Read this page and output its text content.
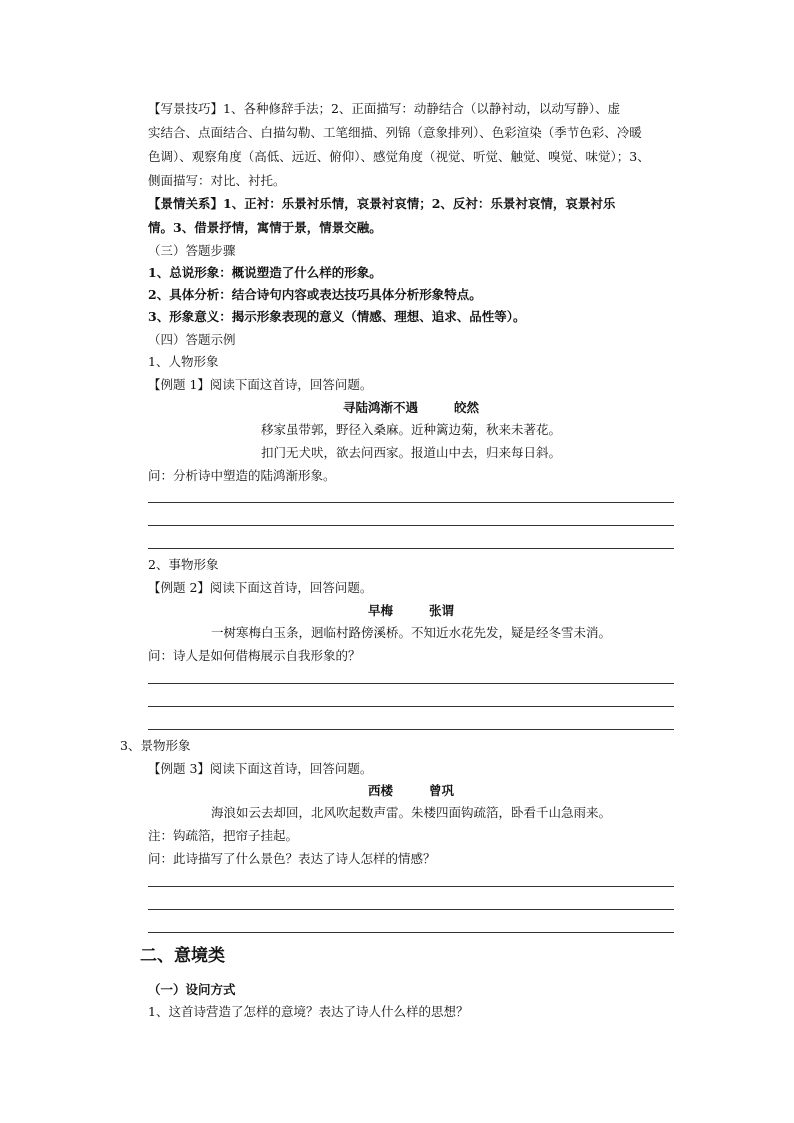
【写景技巧】1、各种修辞手法；2、正面描写：动静结合（以静衬动，以动写静）、虚
实结合、点面结合、白描勾勒、工笔细描、列锦（意象排列）、色彩渲染（季节色彩、冷暖
色调）、观察角度（高低、远近、俯仰）、感觉角度（视觉、听觉、触觉、嗅觉、味觉）；3、
侧面描写：对比、衬托。
【景情关系】1、正衬：乐景衬乐情，哀景衬哀情；2、反衬：乐景衬哀情，哀景衬乐
情。3、借景抒情，寓情于景，情景交融。
（三）答题步骤
1、总说形象：概说塑造了什么样的形象。
2、具体分析：结合诗句内容或表达技巧具体分析形象特点。
3、形象意义：揭示形象表现的意义（情感、理想、追求、品性等）。
（四）答题示例
1、人物形象
【例题 1】阅读下面这首诗，回答问题。
寻陆鸿渐不遇	皎然
移家虽带郭，野径入桑麻。近种篱边菊，秋来未著花。
扣门无犬吠，欲去问西家。报道山中去，归来每日斜。
问：分析诗中塑造的陆鸿渐形象。
2、事物形象
【例题 2】阅读下面这首诗，回答问题。
早梅	张谓
一树寒梅白玉条，迥临村路傍溪桥。不知近水花先发，疑是经冬雪未消。
问：诗人是如何借梅展示自我形象的？
3、景物形象
【例题 3】阅读下面这首诗，回答问题。
西楼	曾巩
海浪如云去却回，北风吹起数声雷。朱楼四面钩疏箔，卧看千山急雨来。
注：钩疏箔，把帘子挂起。
问：此诗描写了什么景色？表达了诗人怎样的情感？
二、意境类
（一）设问方式
1、这首诗营造了怎样的意境？表达了诗人什么样的思想？
